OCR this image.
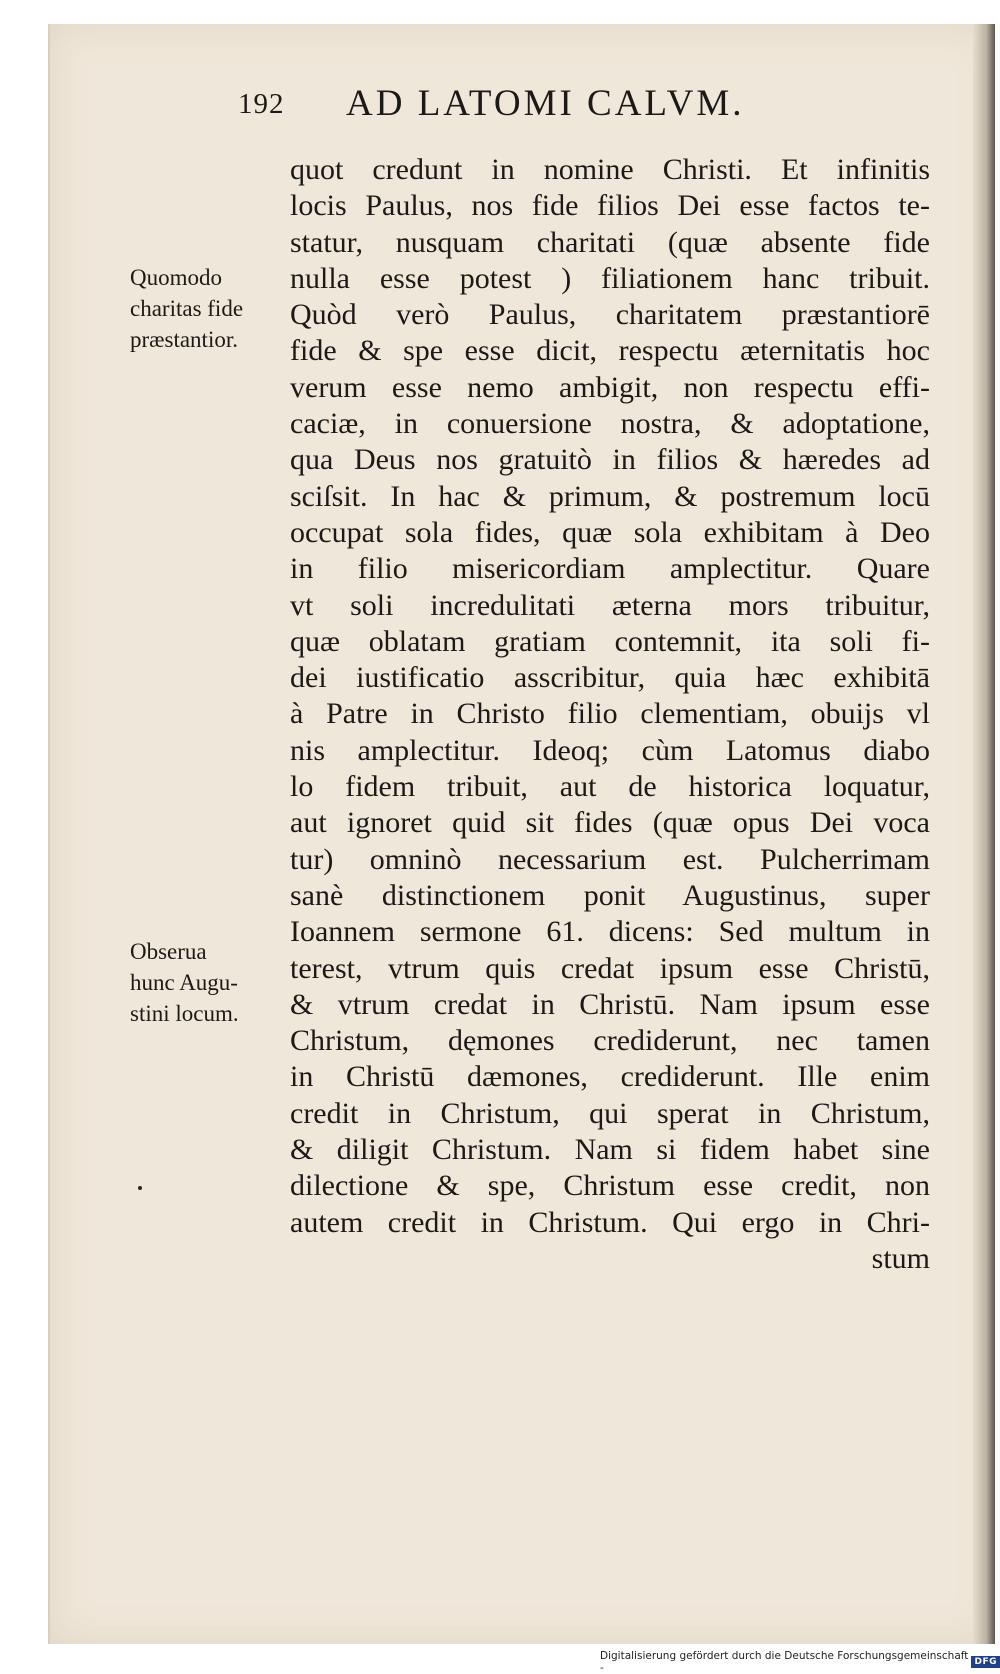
192 AD LATOMI CALVM.
quot credunt in nomine Christi. Et infinitis
locis Paulus, nos fide filios Dei esse factos te-
statur, nusquam charitati (quæ absente fide
nulla esse potest ) filiationem hanc tribuit.
Quòd verò Paulus, charitatem præstantiorē
fide & spe esse dicit, respectu æternitatis hoc
verum esse nemo ambigit, non respectu effi-
caciæ, in conuersione nostra, & adoptatione,
qua Deus nos gratuitò in filios & hæredes ad
sciſsit. In hac & primum, & postremum locū
occupat sola fides, quæ sola exhibitam à Deo
in filio misericordiam amplectitur. Quare
vt soli incredulitati æterna mors tribuitur,
quæ oblatam gratiam contemnit, ita soli fi-
dei iustificatio asscribitur, quia hæc exhibitā
à Patre in Christo filio clementiam, obuijs vl
nis amplectitur. Ideoq; cùm Latomus diabo
lo fidem tribuit, aut de historica loquatur,
aut ignoret quid sit fides (quæ opus Dei voca
tur) omninò necessarium est. Pulcherrimam
sanè distinctionem ponit Augustinus, super
Ioannem sermone 61. dicens: Sed multum in
terest, vtrum quis credat ipsum esse Christū,
& vtrum credat in Christū. Nam ipsum esse
Christum, dęmones crediderunt, nec tamen
in Christū dæmones, crediderunt. Ille enim
credit in Christum, qui sperat in Christum,
& diligit Christum. Nam si fidem habet sine
dilectione & spe, Christum esse credit, non
autem credit in Christum. Qui ergo in Chri-
stum
Quomodo
charitas fide
præstantior.
Obserua
hunc Augu-
stini locum.
Digitalisierung gefördert durch die Deutsche Forschungsgemeinschaft -	DFG
